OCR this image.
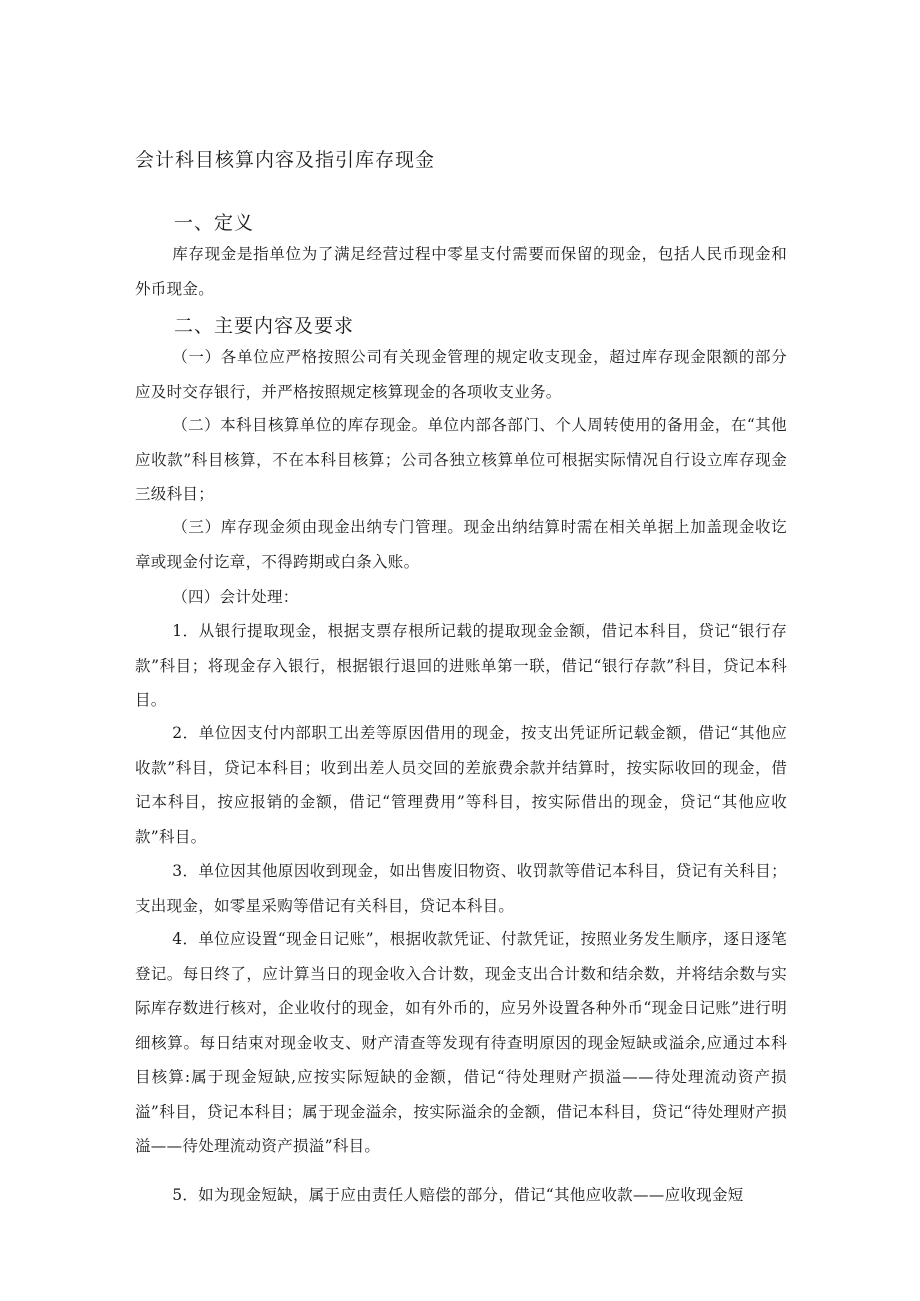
会计科目核算内容及指引库存现金
一、定义

库存现金是指单位为了满足经营过程中零星支付需要而保留的现金，包括人民币现金和外币现金。

二、主要内容及要求

（一）各单位应严格按照公司有关现金管理的规定收支现金，超过库存现金限额的部分应及时交存银行，并严格按照规定核算现金的各项收支业务。

（二）本科目核算单位的库存现金。单位内部各部门、个人周转使用的备用金，在“其他应收款”科目核算，不在本科目核算；公司各独立核算单位可根据实际情况自行设立库存现金三级科目；

（三）库存现金须由现金出纳专门管理。现金出纳结算时需在相关单据上加盖现金收讫章或现金付讫章，不得跨期或白条入账。

（四）会计处理：

1．从银行提取现金，根据支票存根所记载的提取现金金额，借记本科目，贷记“银行存款”科目；将现金存入银行，根据银行退回的进账单第一联，借记“银行存款”科目，贷记本科目。

2．单位因支付内部职工出差等原因借用的现金，按支出凭证所记载金额，借记“其他应收款”科目，贷记本科目；收到出差人员交回的差旅费余款并结算时，按实际收回的现金，借记本科目，按应报销的金额，借记“管理费用”等科目，按实际借出的现金，贷记“其他应收款”科目。

3．单位因其他原因收到现金，如出售废旧物资、收罚款等借记本科目，贷记有关科目；支出现金，如零星采购等借记有关科目，贷记本科目。

4．单位应设置“现金日记账”，根据收款凭证、付款凭证，按照业务发生顺序，逐日逐笔登记。每日终了，应计算当日的现金收入合计数，现金支出合计数和结余数，并将结余数与实际库存数进行核对，企业收付的现金，如有外币的，应另外设置各种外币“现金日记账”进行明细核算。每日结束对现金收支、财产清查等发现有待查明原因的现金短缺或溢余,应通过本科目核算:属于现金短缺,应按实际短缺的金额，借记“待处理财产损溢——待处理流动资产损溢”科目，贷记本科目；属于现金溢余，按实际溢余的金额，借记本科目，贷记“待处理财产损溢——待处理流动资产损溢”科目。

5．如为现金短缺，属于应由责任人赔偿的部分，借记“其他应收款——应收现金短
